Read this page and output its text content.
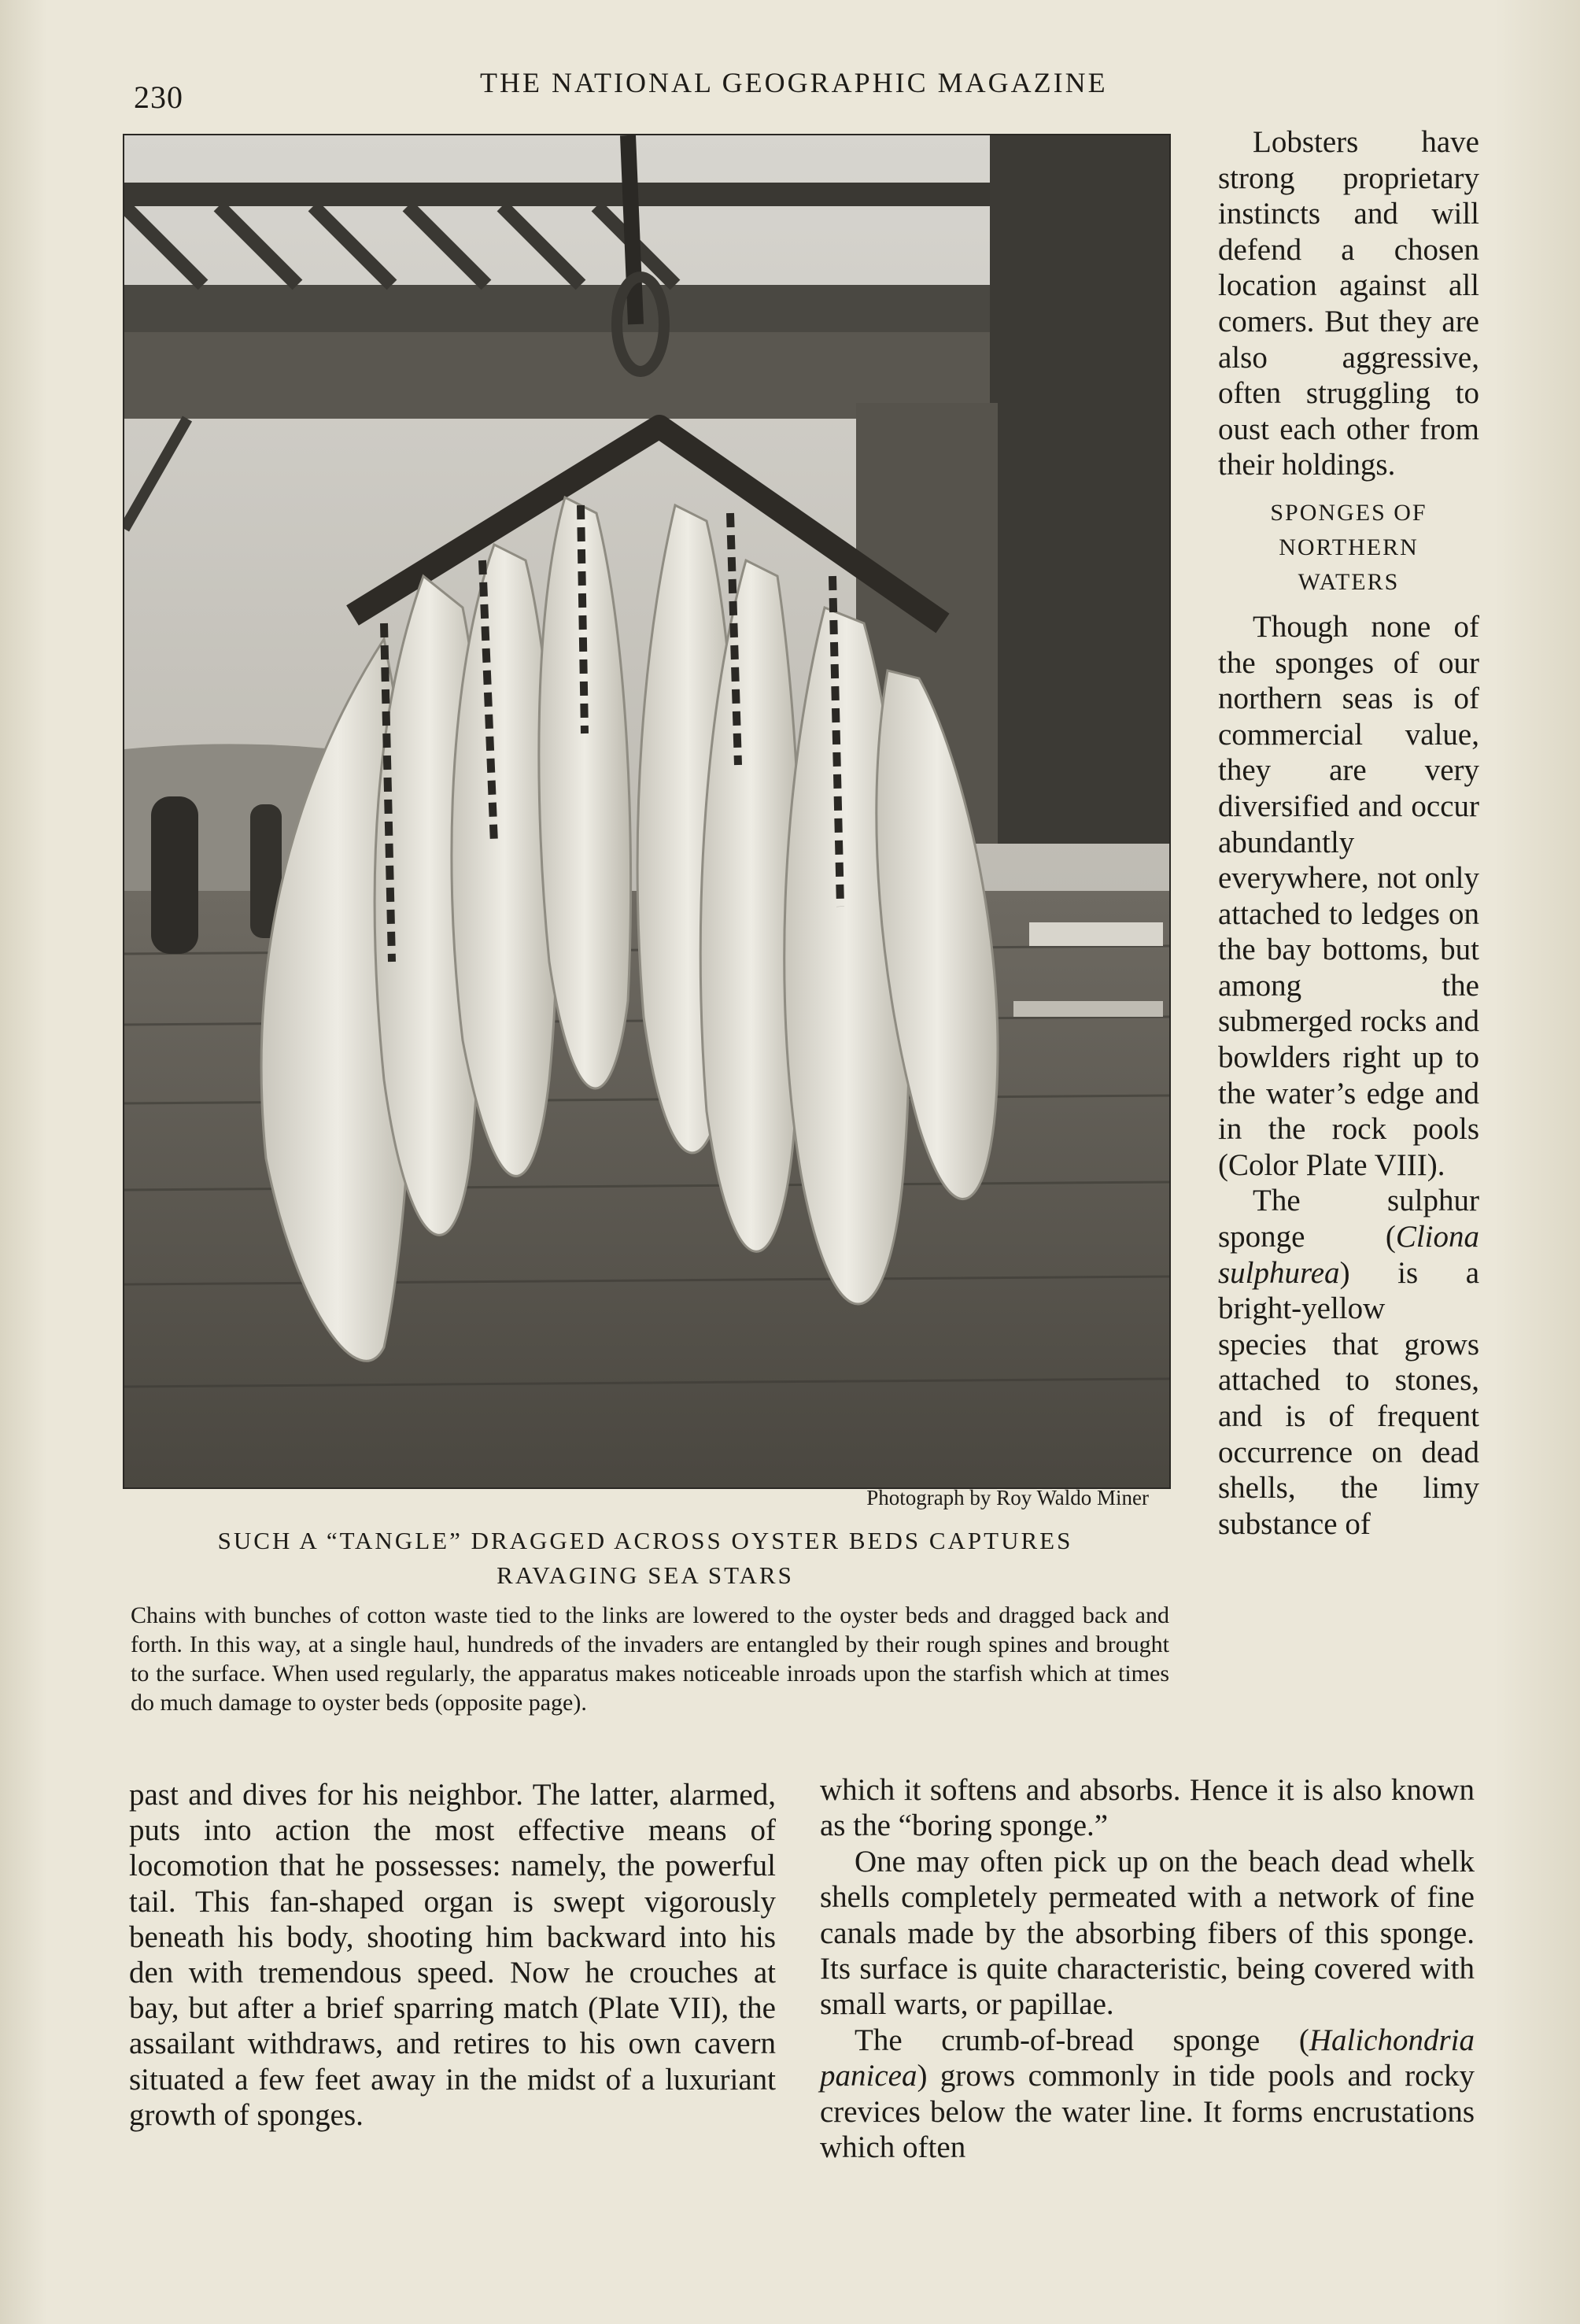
230	THE NATIONAL GEOGRAPHIC MAGAZINE
Photograph by Roy Waldo Miner
SUCH A “TANGLE” DRAGGED ACROSS OYSTER BEDS CAPTURES
RAVAGING SEA STARS
Chains with bunches of cotton waste tied to the links are lowered to the oyster beds and dragged back and forth. In this way, at a single haul, hundreds of the invaders are entangled by their rough spines and brought to the surface. When used regularly, the apparatus makes noticeable inroads upon the starfish which at times do much damage to oyster beds (opposite page).

Lobsters have strong proprietary instincts and will defend a chosen location against all comers. But they are also aggressive, often struggling to oust each other from their holdings.

SPONGES OF
NORTHERN
WATERS

Though none of the sponges of our northern seas is of commercial value, they are very diversified and occur abundantly everywhere, not only attached to ledges on the bay bottoms, but among the submerged rocks and bowlders right up to the water’s edge and in the rock pools (Color Plate VIII).

The sulphur sponge (Cliona sulphurea) is a bright-yellow species that grows attached to stones, and is of frequent occurrence on dead shells, the limy substance of

past and dives for his neighbor. The latter, alarmed, puts into action the most effective means of locomotion that he possesses: namely, the powerful tail. This fan-shaped organ is swept vigorously beneath his body, shooting him backward into his den with tremendous speed. Now he crouches at bay, but after a brief sparring match (Plate VII), the assailant withdraws, and retires to his own cavern situated a few feet away in the midst of a luxuriant growth of sponges.

which it softens and absorbs. Hence it is also known as the “boring sponge.”

One may often pick up on the beach dead whelk shells completely permeated with a network of fine canals made by the absorbing fibers of this sponge. Its surface is quite characteristic, being covered with small warts, or papillae.

The crumb-of-bread sponge (Halichondria panicea) grows commonly in tide pools and rocky crevices below the water line. It forms encrustations which often
